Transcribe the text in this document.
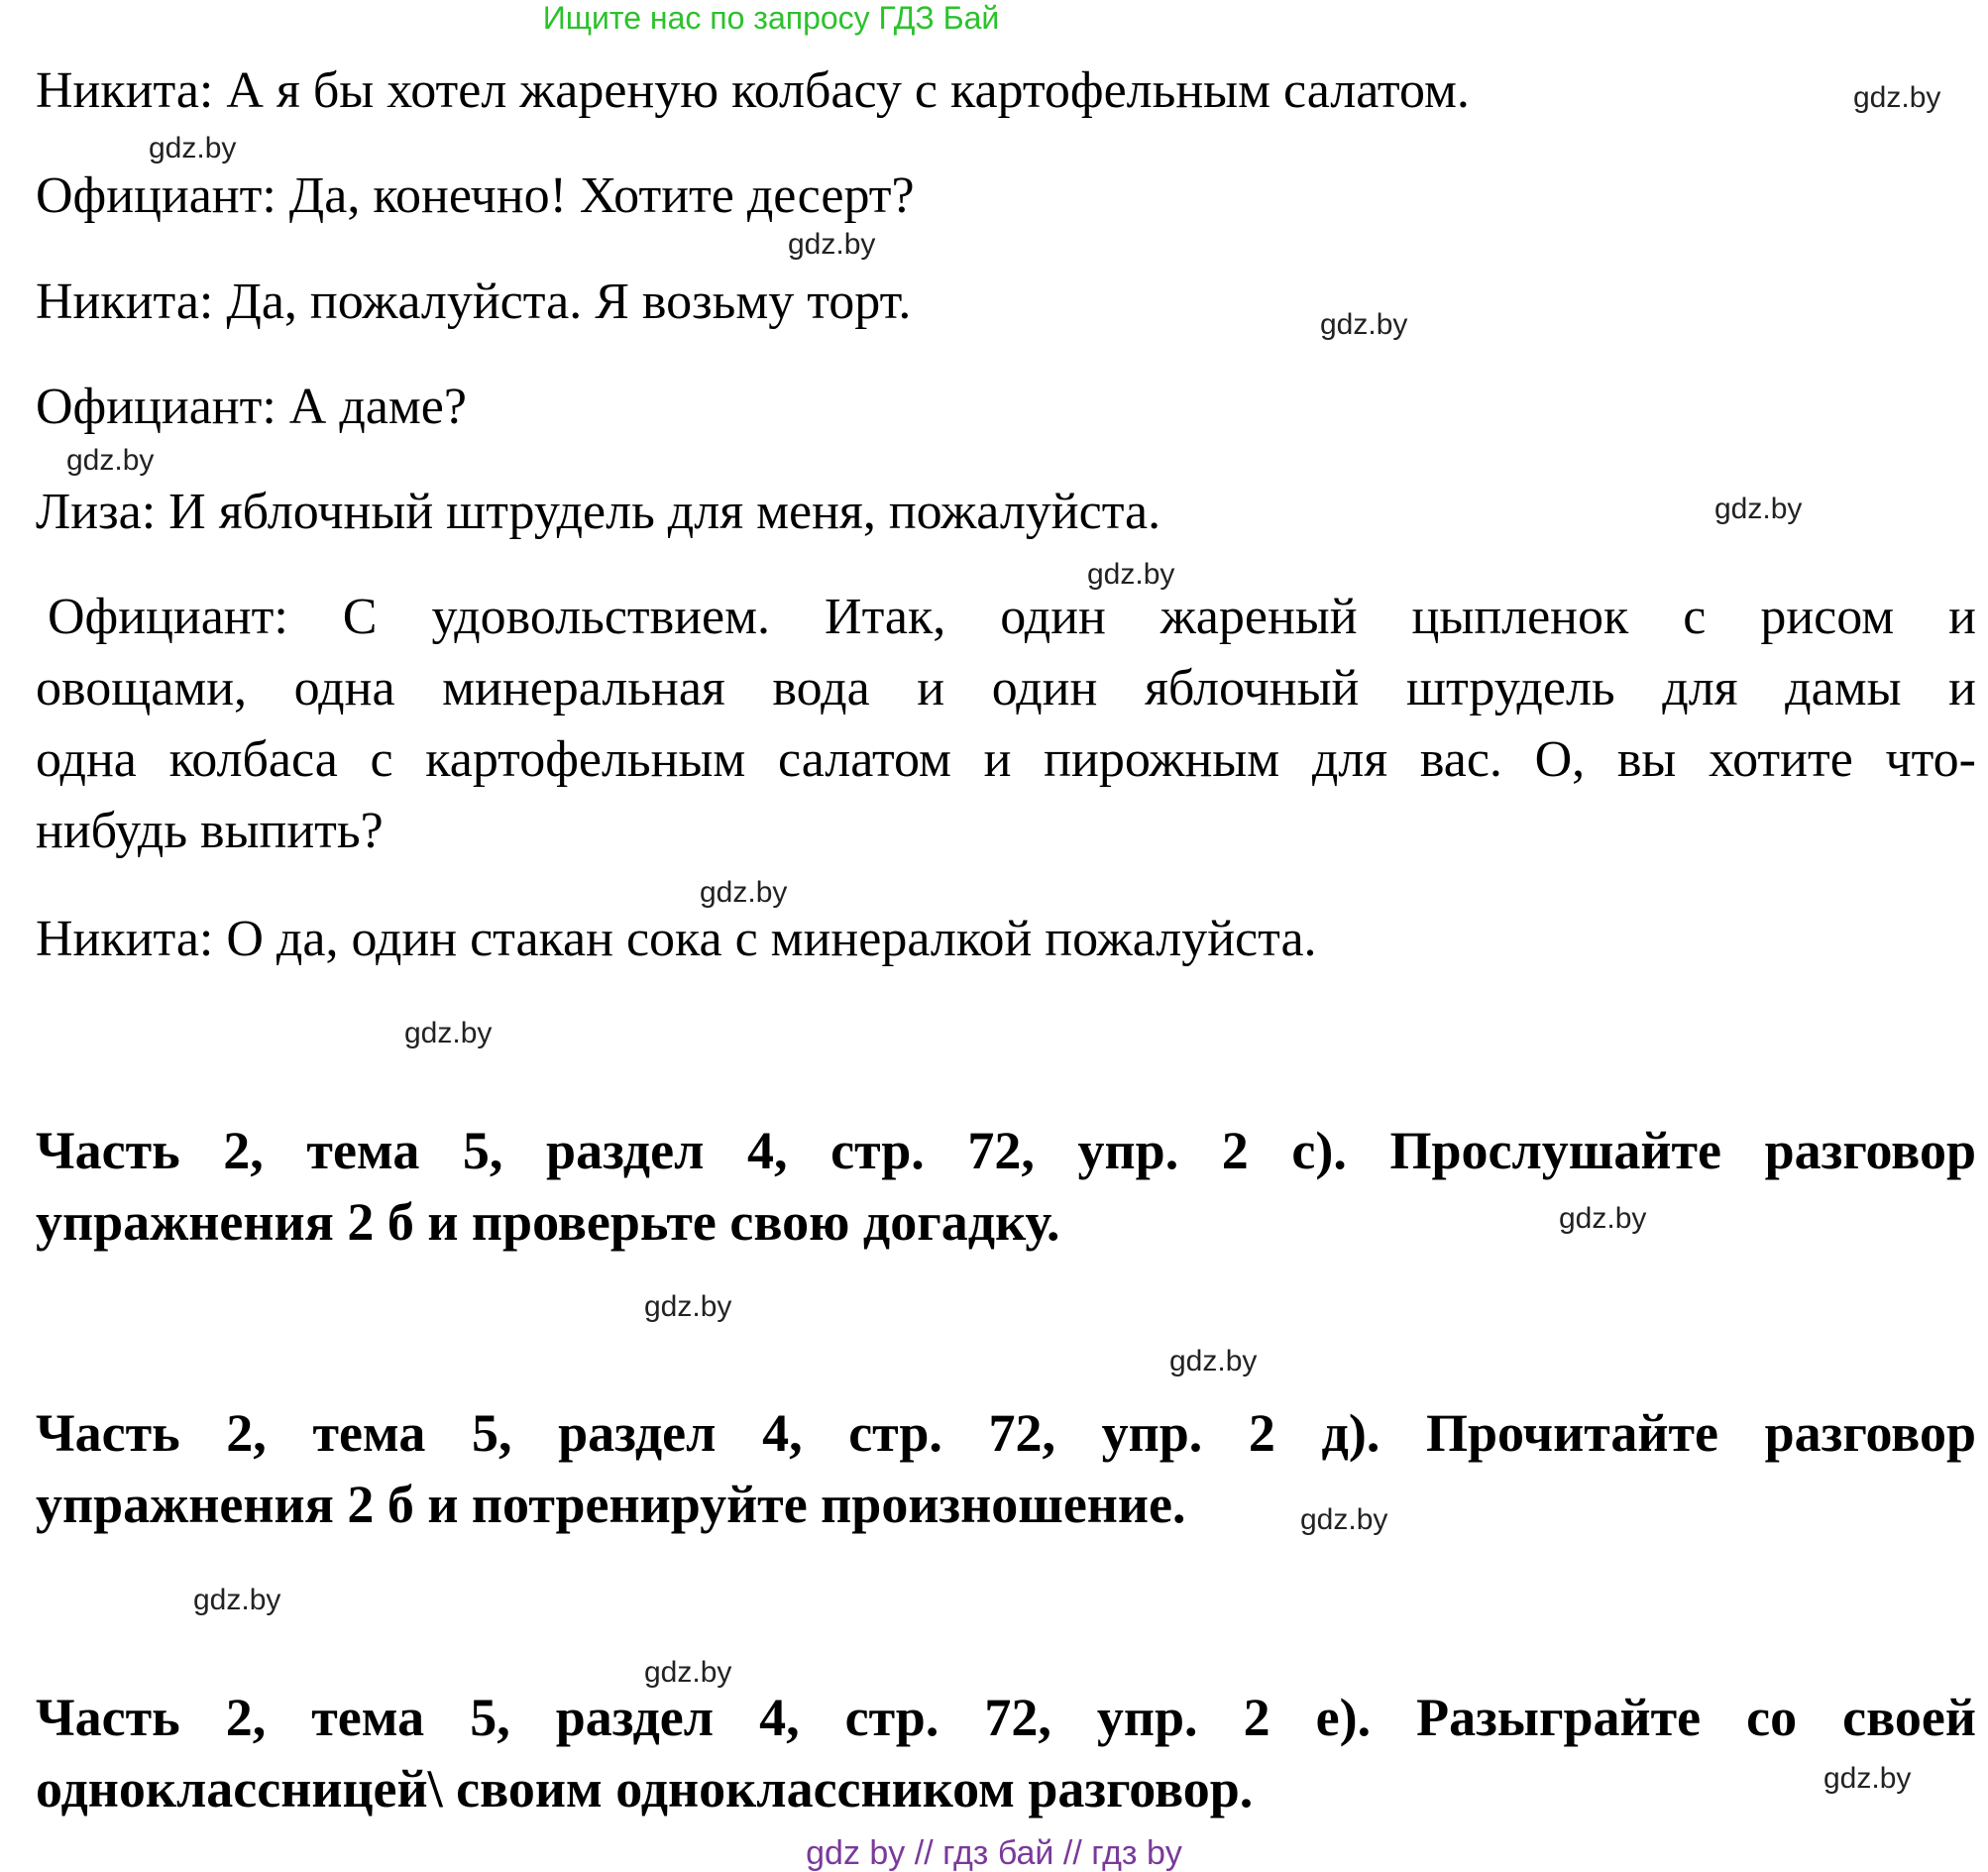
Ищите нас по запросу ГДЗ Бай
Никита: А я бы хотел жареную колбасу с картофельным салатом.
Официант: Да, конечно! Хотите десерт?
Никита: Да, пожалуйста. Я возьму торт.
Официант: А даме?
Лиза: И яблочный штрудель для меня, пожалуйста.
Официант: С удовольствием. Итак, один жареный цыпленок с рисом и
овощами, одна минеральная вода и один яблочный штрудель для дамы и
одна колбаса с картофельным салатом и пирожным для вас. О, вы хотите что-
нибудь выпить?
Никита: О да, один стакан сока с минералкой пожалуйста.
Часть 2, тема 5, раздел 4, стр. 72, упр. 2 с). Прослушайте разговор
упражнения 2 б и проверьте свою догадку.
Часть 2, тема 5, раздел 4, стр. 72, упр. 2 д). Прочитайте разговор
упражнения 2 б и потренируйте произношение.
Часть 2, тема 5, раздел 4, стр. 72, упр. 2 е). Разыграйте со своей
одноклассницей\ своим одноклассником разговор.
gdz.by
gdz.by
gdz.by
gdz.by
gdz.by
gdz.by
gdz.by
gdz.by
gdz.by
gdz.by
gdz.by
gdz.by
gdz.by
gdz.by
gdz.by
gdz.by
gdz by // гдз бай // гдз by
